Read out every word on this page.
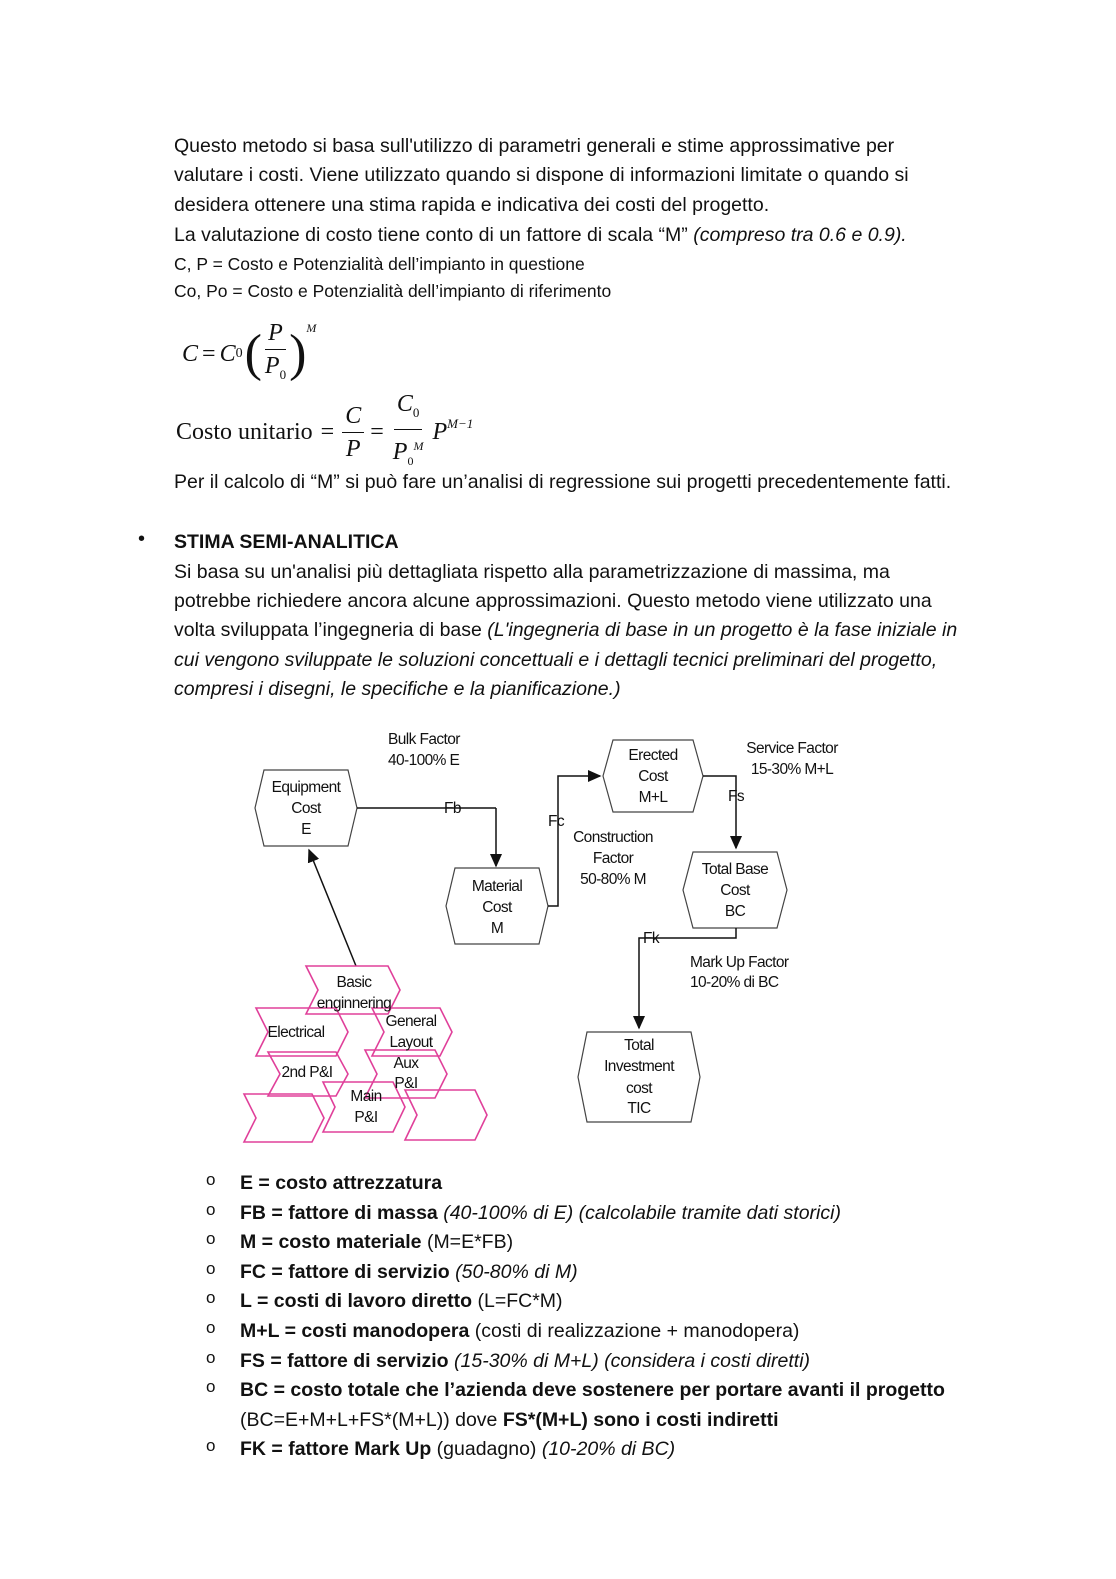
Questo metodo si basa sull'utilizzo di parametri generali e stime approssimative per
valutare i costi. Viene utilizzato quando si dispone di informazioni limitate o quando si
desidera ottenere una stima rapida e indicativa dei costi del progetto.
La valutazione di costo tiene conto di un fattore di scala “M” (compreso tra 0.6 e 0.9).
C, P = Costo e Potenzialità dell’impianto in questione
Co, Po = Costo e Potenzialità dell’impianto di riferimento
C = C 0 ( $\frac{P}{P_0} )^M$
Costo unitario = $\frac{C}{P} = \frac{C_0}{P_0^M} P^{M-1}$
Per il calcolo di “M” si può fare un’analisi di regressione sui progetti precedentemente fatti.
• STIMA SEMI-ANALITICA
Si basa su un'analisi più dettagliata rispetto alla parametrizzazione di massima, ma
potrebbe richiedere ancora alcune approssimazioni. Questo metodo viene utilizzato una
volta sviluppata l’ingegneria di base (L'ingegneria di base in un progetto è la fase iniziale in
cui vengono sviluppate le soluzioni concettuali e i dettagli tecnici preliminari del progetto,
compresi i disegni, le specifiche e la pianificazione.)
Bulk Factor
40-100% E
Equipment
Cost
E
Fb
Material
Cost
M
Fc
Construction
Factor
50-80% M
Erected
Cost
M+L
Service Factor
15-30% M+L
Fs
Total Base
Cost
BC
Fk
Mark Up Factor
10-20% di BC
Total
Investment
cost
TIC
Basic
enginnering
Electrical
General
Layout
Aux
P&I
2nd P&I
Main
P&I
o E = costo attrezzatura
o FB = fattore di massa (40-100% di E) (calcolabile tramite dati storici)
o M = costo materiale (M=E*FB)
o FC = fattore di servizio (50-80% di M)
o L = costi di lavoro diretto (L=FC*M)
o M+L = costi manodopera (costi di realizzazione + manodopera)
o FS = fattore di servizio (15-30% di M+L) (considera i costi diretti)
o BC = costo totale che l’azienda deve sostenere per portare avanti il progetto
(BC=E+M+L+FS*(M+L)) dove FS*(M+L) sono i costi indiretti
o FK = fattore Mark Up (guadagno) (10-20% di BC)
